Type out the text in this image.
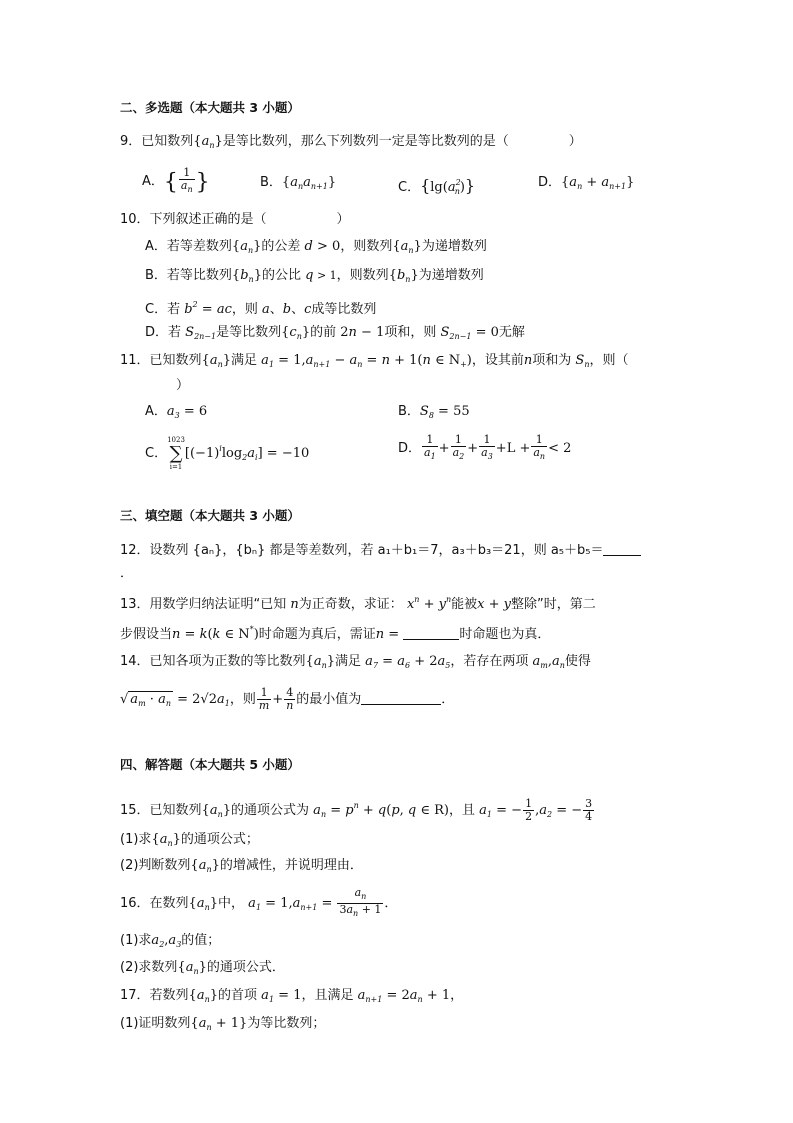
二、多选题（本大题共 3 小题）
9．已知数列$\{a_n\}$是等比数列，那么下列数列一定是等比数列的是（	）
A．{ $\frac{1}{a_n}$ }	B．$\{a_na_{n+1}\}$	C．$\{\lg(a^2_n)\}$	D．$\{a_n + a_{n+1}\}$
10．下列叙述正确的是（	）
A．若等差数列$\{a_n\}$的公差 d > 0，则数列$\{a_n\}$为递增数列
B．若等比数列$\{b_n\}$的公比 q > 1，则数列$\{b_n\}$为递增数列
C．若 $b^2$ = ac，则 a、b、c成等比数列
D．若 $S_{2n-1}$是等比数列$\{c_n\}$的前 2n − 1项和，则 $S_{2n-1} = 0$无解
11．已知数列$\{a_n\}$满足 $a_1 = 1,a_{n+1} - a_n = n + 1(n$ ∈ $N_+$)，设其前n项和为 $S_n$，则（
）
A．$a_3 = 6$	B．$S_8 = 55$
C．
1023
∑
i=1
$[(-1)^i\log_2a_i] = -10$	D． $\frac{1}{a_1} + \frac{1}{a_2} + \frac{1}{a_3} +L + \frac{1}{a_n} < 2$
三、填空题（本大题共 3 小题）
12．设数列 {aₙ}，{bₙ} 都是等差数列，若 a₁＋b₁＝7，a₃＋b₃＝21，则 a₅＋b₅＝
．
13．用数学归纳法证明“已知 n为正奇数，求证： $x^n + y^n$能被x + y整除”时，第二
步假设当n = k(k ∈ N*)时命题为真后，需证n =	时命题也为真．
14．已知各项为正数的等比数列$\{a_n\}$满足 $a_7 = a_6 + 2a_5$，若存在两项 $a_m,a_n$使得
√ $a_m \cdot a_n = 2√2a_1$，则 $\frac{1}{m} + \frac{4}{n}$ 的最小值为	．
四、解答题（本大题共 5 小题）
15．已知数列$\{a_n\}$的通项公式为 $a_n = p^n + q(p$, q ∈ R)，且 $a_1$ = − $\frac{1}{2} ,a_2$ = − $\frac{3}{4}$
(1)求$\{a_n\}$的通项公式；
(2)判断数列$\{a_n\}$的增减性，并说明理由．
16．在数列$\{a_n\}$中， $a_1 = 1,a_{n+1} = \frac{a_n}{3a_n + 1}$ ．
(1)求$a_2,a_3$的值；
(2)求数列$\{a_n\}$的通项公式．
17．若数列$\{a_n\}$的首项 $a_1 = 1$，且满足 $a_{n+1} = 2a_n + 1$，
(1)证明数列$\{a_n + 1\}$为等比数列；
